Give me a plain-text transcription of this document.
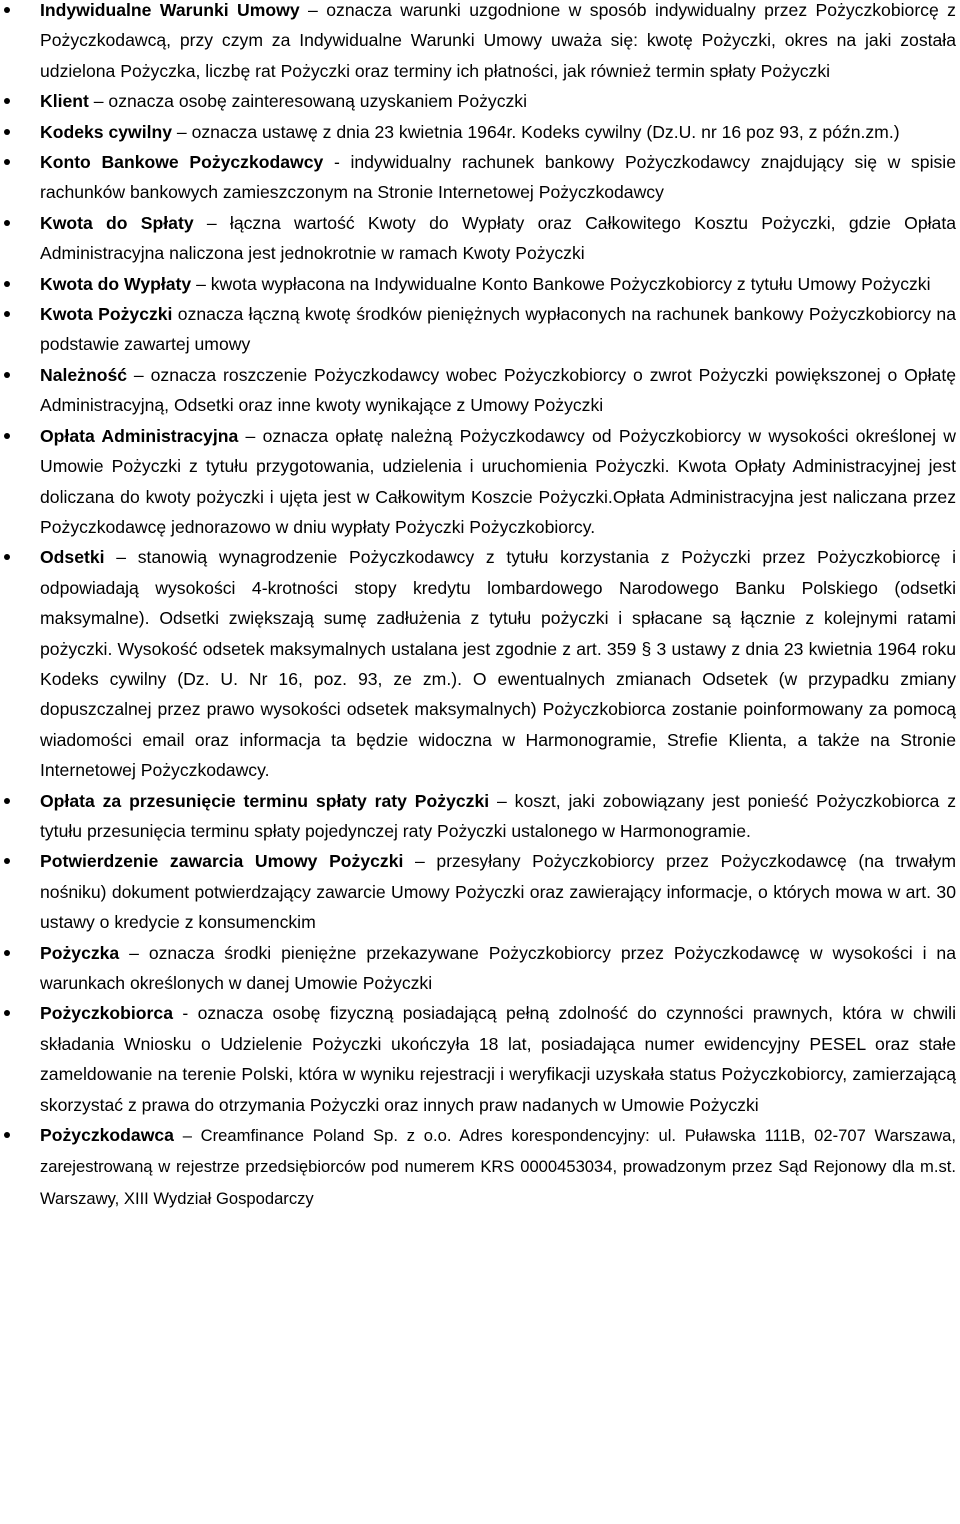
Indywidualne Warunki Umowy – oznacza warunki uzgodnione w sposób indywidualny przez Pożyczkobiorcę z Pożyczkodawcą, przy czym za Indywidualne Warunki Umowy uważa się: kwotę Pożyczki, okres na jaki została udzielona Pożyczka, liczbę rat Pożyczki oraz terminy ich płatności, jak również termin spłaty Pożyczki
Klient – oznacza osobę zainteresowaną uzyskaniem Pożyczki
Kodeks cywilny – oznacza ustawę z dnia 23 kwietnia 1964r. Kodeks cywilny (Dz.U. nr 16 poz 93, z późn.zm.)
Konto Bankowe Pożyczkodawcy - indywidualny rachunek bankowy Pożyczkodawcy znajdujący się w spisie rachunków bankowych zamieszczonym na Stronie Internetowej Pożyczkodawcy
Kwota do Spłaty – łączna wartość Kwoty do Wypłaty oraz Całkowitego Kosztu Pożyczki, gdzie Opłata Administracyjna naliczona jest jednokrotnie w ramach Kwoty Pożyczki
Kwota do Wypłaty – kwota wypłacona na Indywidualne Konto Bankowe Pożyczkobiorcy z tytułu Umowy Pożyczki
Kwota Pożyczki oznacza łączną kwotę środków pieniężnych wypłaconych na rachunek bankowy Pożyczkobiorcy na podstawie zawartej umowy
Należność – oznacza roszczenie Pożyczkodawcy wobec Pożyczkobiorcy o zwrot Pożyczki powiększonej o Opłatę Administracyjną, Odsetki oraz inne kwoty wynikające z Umowy Pożyczki
Opłata Administracyjna – oznacza opłatę należną Pożyczkodawcy od Pożyczkobiorcy w wysokości określonej w Umowie Pożyczki z tytułu przygotowania, udzielenia i uruchomienia Pożyczki. Kwota Opłaty Administracyjnej jest doliczana do kwoty pożyczki i ujęta jest w Całkowitym Koszcie Pożyczki.Opłata Administracyjna jest naliczana przez Pożyczkodawcę jednorazowo w dniu wypłaty Pożyczki Pożyczkobiorcy.
Odsetki – stanowią wynagrodzenie Pożyczkodawcy z tytułu korzystania z Pożyczki przez Pożyczkobiorcę i odpowiadają wysokości 4-krotności stopy kredytu lombardowego Narodowego Banku Polskiego (odsetki maksymalne). Odsetki zwiększają sumę zadłużenia z tytułu pożyczki i spłacane są łącznie z kolejnymi ratami pożyczki. Wysokość odsetek maksymalnych ustalana jest zgodnie z art. 359 § 3 ustawy z dnia 23 kwietnia 1964 roku Kodeks cywilny (Dz. U. Nr 16, poz. 93, ze zm.). O ewentualnych zmianach Odsetek (w przypadku zmiany dopuszczalnej przez prawo wysokości odsetek maksymalnych) Pożyczkobiorca zostanie poinformowany za pomocą wiadomości email oraz informacja ta będzie widoczna w Harmonogramie, Strefie Klienta, a także na Stronie Internetowej Pożyczkodawcy.
Opłata za przesunięcie terminu spłaty raty Pożyczki – koszt, jaki zobowiązany jest ponieść Pożyczkobiorca z tytułu przesunięcia terminu spłaty pojedynczej raty Pożyczki ustalonego w Harmonogramie.
Potwierdzenie zawarcia Umowy Pożyczki – przesyłany Pożyczkobiorcy przez Pożyczkodawcę (na trwałym nośniku) dokument potwierdzający zawarcie Umowy Pożyczki oraz zawierający informacje, o których mowa w art. 30 ustawy o kredycie z konsumenckim
Pożyczka – oznacza środki pieniężne przekazywane Pożyczkobiorcy przez Pożyczkodawcę w wysokości i na warunkach określonych w danej Umowie Pożyczki
Pożyczkobiorca - oznacza osobę fizyczną posiadającą pełną zdolność do czynności prawnych, która w chwili składania Wniosku o Udzielenie Pożyczki ukończyła 18 lat, posiadająca numer ewidencyjny PESEL oraz stałe zameldowanie na terenie Polski, która w wyniku rejestracji i weryfikacji uzyskała status Pożyczkobiorcy, zamierzającą skorzystać z prawa do otrzymania Pożyczki oraz innych praw nadanych w Umowie Pożyczki
Pożyczkodawca – Creamfinance Poland Sp. z o.o. Adres korespondencyjny: ul. Puławska 111B, 02-707 Warszawa, zarejestrowaną w rejestrze przedsiębiorców pod numerem KRS 0000453034, prowadzonym przez Sąd Rejonowy dla m.st. Warszawy, XIII Wydział Gospodarczy
